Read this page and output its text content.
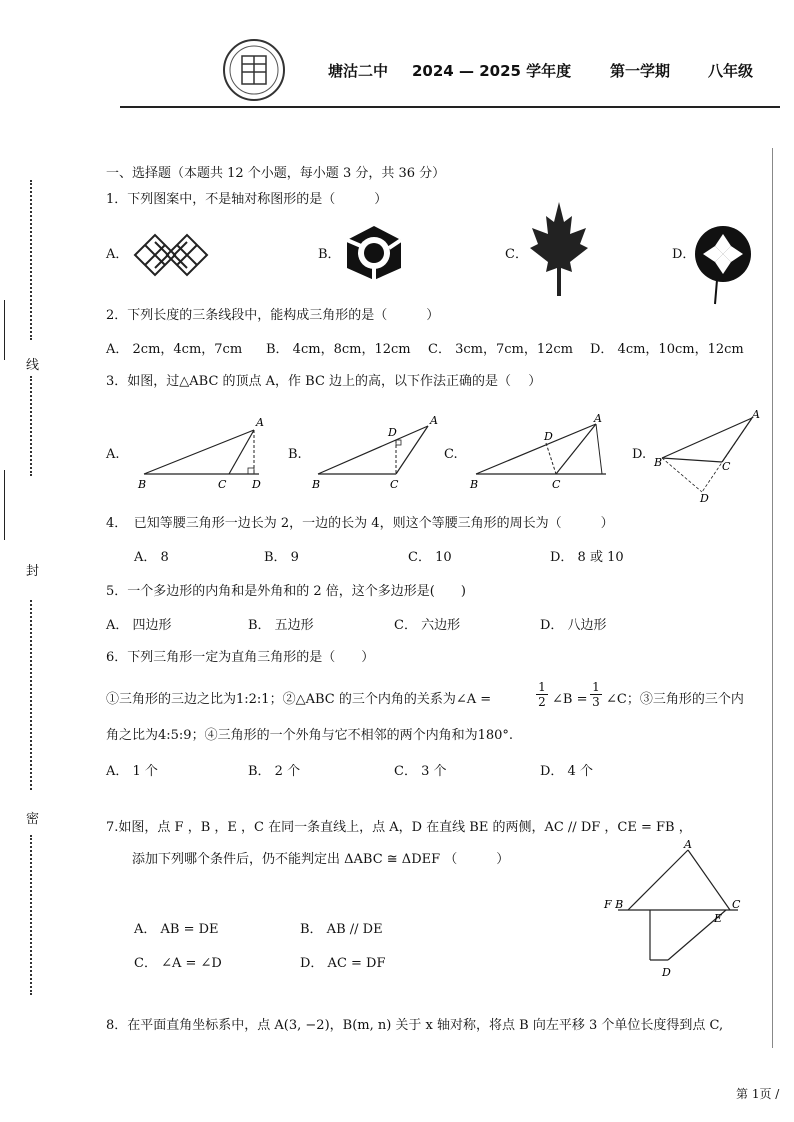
塘沽二中 2024 — 2025 学年度	第一学期	八年级
线
封
密
一、选择题（本题共 12 个小题，每小题 3 分，共 36 分）
1．下列图案中，不是轴对称图形的是（　　　）
A．	B．	C．	D．
2．下列长度的三条线段中，能构成三角形的是（　　　）
A． 2cm，4cm，7cm B． 4cm，8cm，12cm C． 3cm，7cm，12cm D． 4cm，10cm，12cm
3．如图，过△ABC 的顶点 A，作 BC 边上的高，以下作法正确的是（　 ）
A.
A
B	C D
B.
A
D
B	C
C.
A
D
B	C
D.
A
B	C
D
4．　已知等腰三角形一边长为 2，一边的长为 4，则这个等腰三角形的周长为（　　　）
A． 8	B． 9	C． 10	D． 8 或 10
5．一个多边形的内角和是外角和的 2 倍，这个多边形是(　　)
A． 四边形	B． 五边形	C． 六边形	D． 八边形
6．下列三角形一定为直角三角形的是（　　）
①三角形的三边之比为1:2:1；②△ABC 的三个内角的关系为∠A =	$\frac{1}{2}$ ∠B = $\frac{1}{3}$ ∠C；③三角形的三个内
角之比为4:5:9；④三角形的一个外角与它不相邻的两个内角和为180°.
A． 1 个	B． 2 个	C． 3 个	D． 4 个
7.如图，点 F ，B ，E ，C 在同一条直线上，点 A，D 在直线 BE 的两侧，AC // DF ，CE = FB ，
添加下列哪个条件后，仍不能判定出 ΔABC ≅ ΔDEF （　　　）
A． AB = DE	B． AB // DE
C． ∠A = ∠D	D． AC = DF
A
D
F B
E
C
8．在平面直角坐标系中，点 A(3, −2)，B(m, n) 关于 x 轴对称，将点 B 向左平移 3 个单位长度得到点 C,
第 1页 /
